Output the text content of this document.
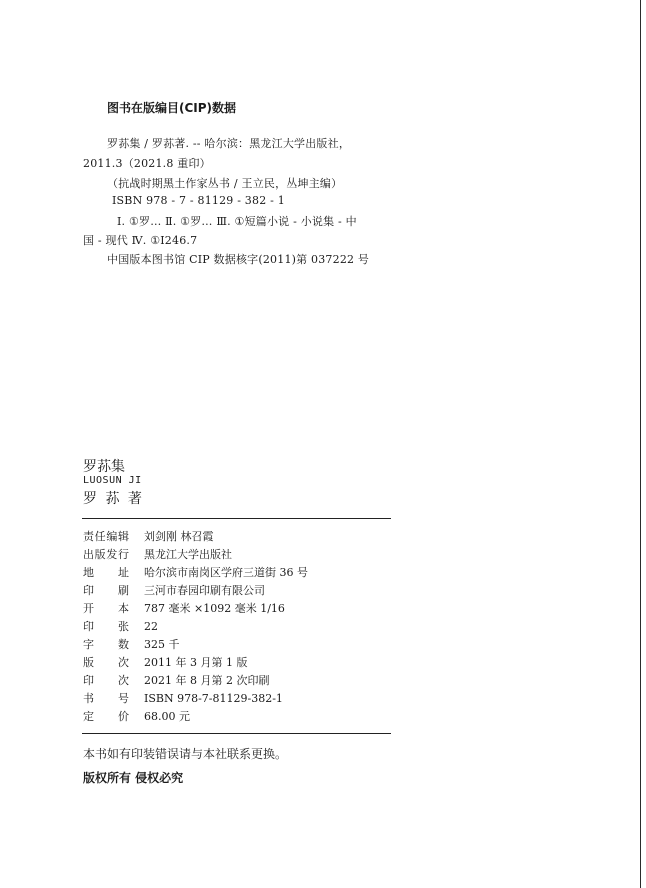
图书在版编目(CIP)数据
罗荪集 / 罗荪著. -- 哈尔滨：黑龙江大学出版社，
2011.3（2021.8 重印）
（抗战时期黑土作家丛书 / 王立民，丛坤主编）
ISBN 978 - 7 - 81129 - 382 - 1
Ⅰ. ①罗… Ⅱ. ①罗… Ⅲ. ①短篇小说 - 小说集 - 中
国 - 现代 Ⅳ. ①I246.7
中国版本图书馆 CIP 数据核字(2011)第 037222 号
罗荪集
LUOSUN JI
罗 荪 著
责 任 编 辑 刘剑刚 林召霞
出 版 发 行 黑龙江大学出版社
地 址 哈尔滨市南岗区学府三道街 36 号
印 刷 三河市春园印刷有限公司
开 本 787 毫米 ×1092 毫米 1/16
印 张 22
字 数 325 千
版 次 2011 年 3 月第 1 版
印 次 2021 年 8 月第 2 次印刷
书 号 ISBN 978-7-81129-382-1
定 价 68.00 元
本书如有印装错误请与本社联系更换。
版权所有 侵权必究
